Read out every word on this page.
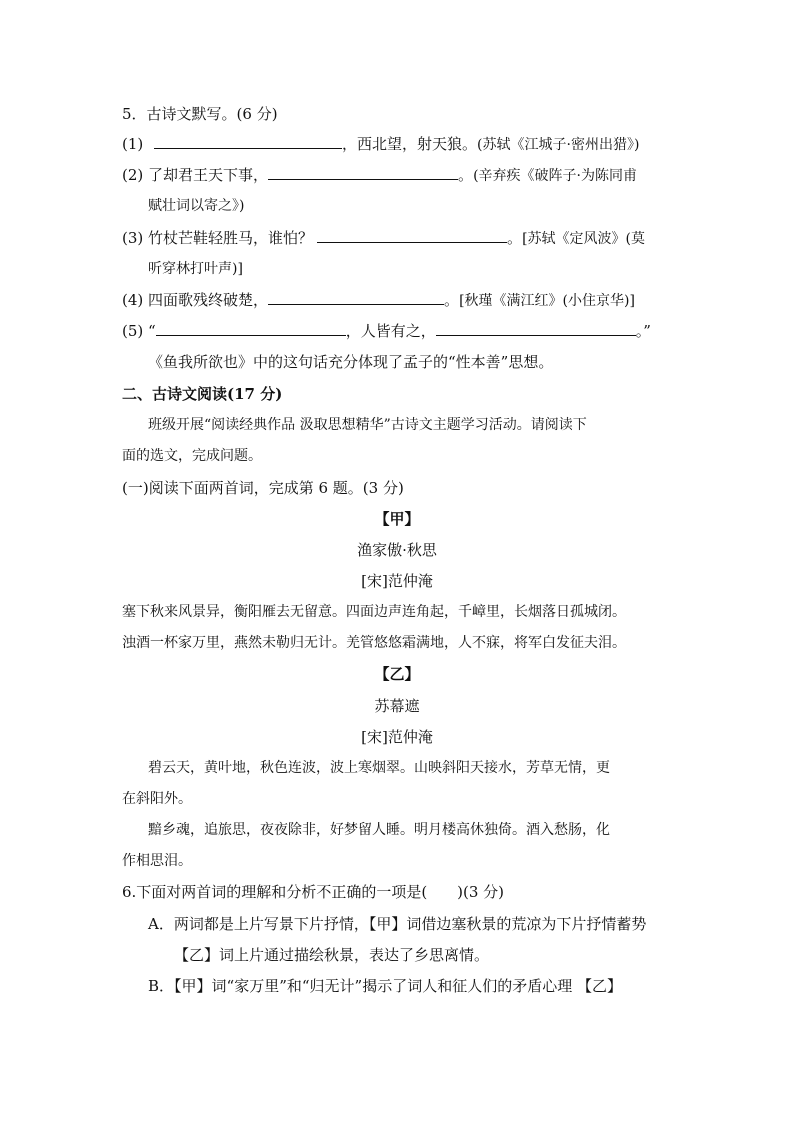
5．古诗文默写。(6 分)
(1)	，西北望，射天狼。(苏轼《江城子·密州出猎》)
(2) 了却君王天下事，	。(辛弃疾《破阵子·为陈同甫
赋壮词以寄之》)
(3) 竹杖芒鞋轻胜马，谁怕？	。[苏轼《定风波》(莫
听穿林打叶声)]
(4) 四面歌残终破楚，	。[秋瑾《满江红》(小住京华)]
(5) “	，人皆有之，	。”
《鱼我所欲也》中的这句话充分体现了孟子的“性本善”思想。
二、古诗文阅读(17 分)
班级开展“阅读经典作品 汲取思想精华”古诗文主题学习活动。请阅读下
面的选文，完成问题。
(一)阅读下面两首词，完成第 6 题。(3 分)
【甲】
渔家傲·秋思
[宋]范仲淹
塞下秋来风景异，衡阳雁去无留意。四面边声连角起，千嶂里，长烟落日孤城闭。
浊酒一杯家万里，燕然未勒归无计。羌管悠悠霜满地，人不寐，将军白发征夫泪。
【乙】
苏幕遮
[宋]范仲淹
碧云天，黄叶地，秋色连波，波上寒烟翠。山映斜阳天接水，芳草无情，更
在斜阳外。
黯乡魂，追旅思，夜夜除非，好梦留人睡。明月楼高休独倚。酒入愁肠，化
作相思泪。
6.下面对两首词的理解和分析不正确的一项是(　　)(3 分)
A．两词都是上片写景下片抒情，【甲】词借边塞秋景的荒凉为下片抒情蓄势
【乙】词上片通过描绘秋景，表达了乡思离情。
B．【甲】词“家万里”和“归无计”揭示了词人和征人们的矛盾心理 【乙】
